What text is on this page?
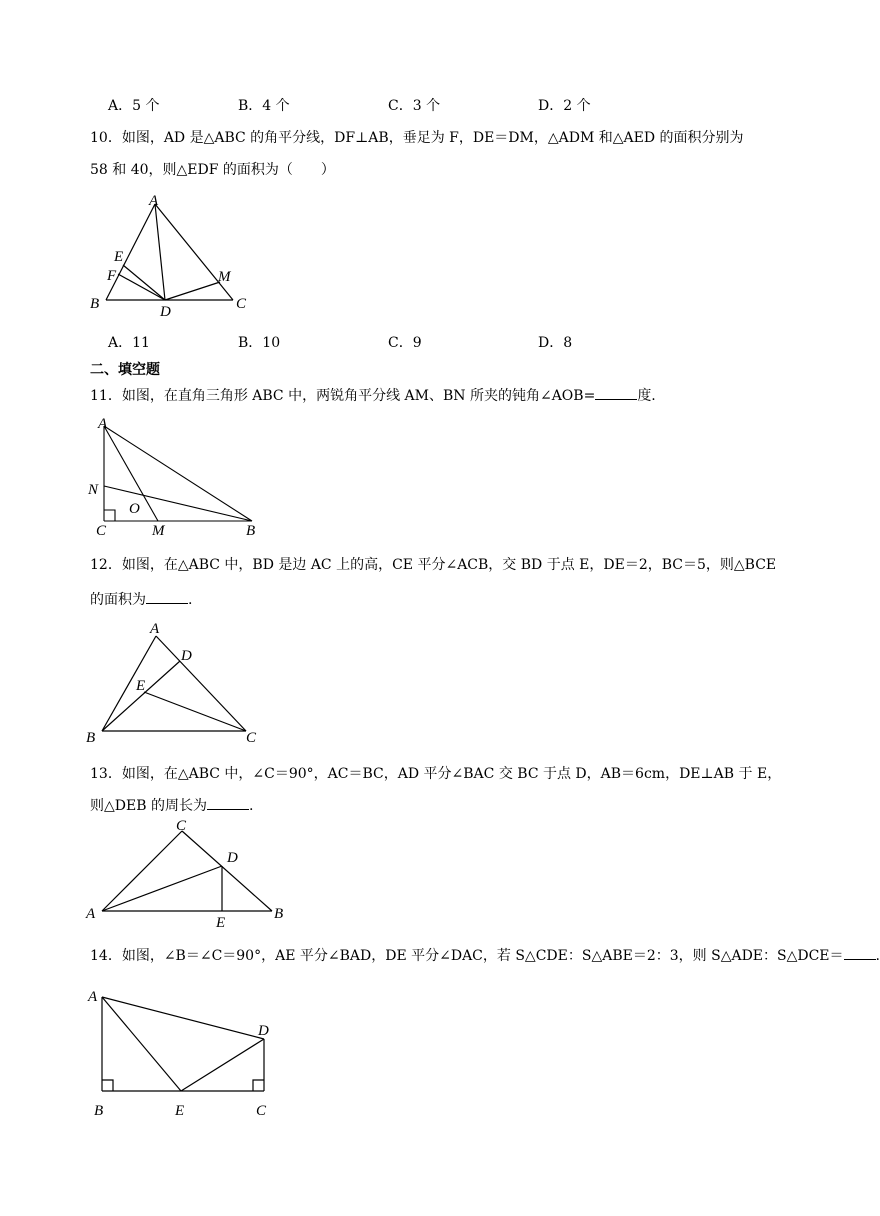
A．5 个	B．4 个	C．3 个	D．2 个
10．如图，AD 是△ABC 的角平分线，DF⊥AB，垂足为 F，DE＝DM，△ADM 和△AED 的面积分别为
58 和 40，则△EDF 的面积为（　　）
A
E
F	M
B	D	C
A．11	B．10	C．9	D．8
二、填空题
11．如图，在直角三角形 ABC 中，两锐角平分线 AM、BN 所夹的钝角∠AOB=	度.
A
N
O
C	M	B
12．如图，在△ABC 中，BD 是边 AC 上的高，CE 平分∠ACB，交 BD 于点 E，DE＝2，BC＝5，则△BCE
的面积为	.
A
D
E
B	C
13．如图，在△ABC 中，∠C＝90°，AC＝BC，AD 平分∠BAC 交 BC 于点 D，AB＝6cm，DE⊥AB 于 E，
则△DEB 的周长为	.
C
D
A
E
B
14．如图，∠B＝∠C＝90°，AE 平分∠BAD，DE 平分∠DAC，若 S△CDE：S△ABE＝2：3，则 S△ADE：S△DCE＝ .
A
D
B	E	C
